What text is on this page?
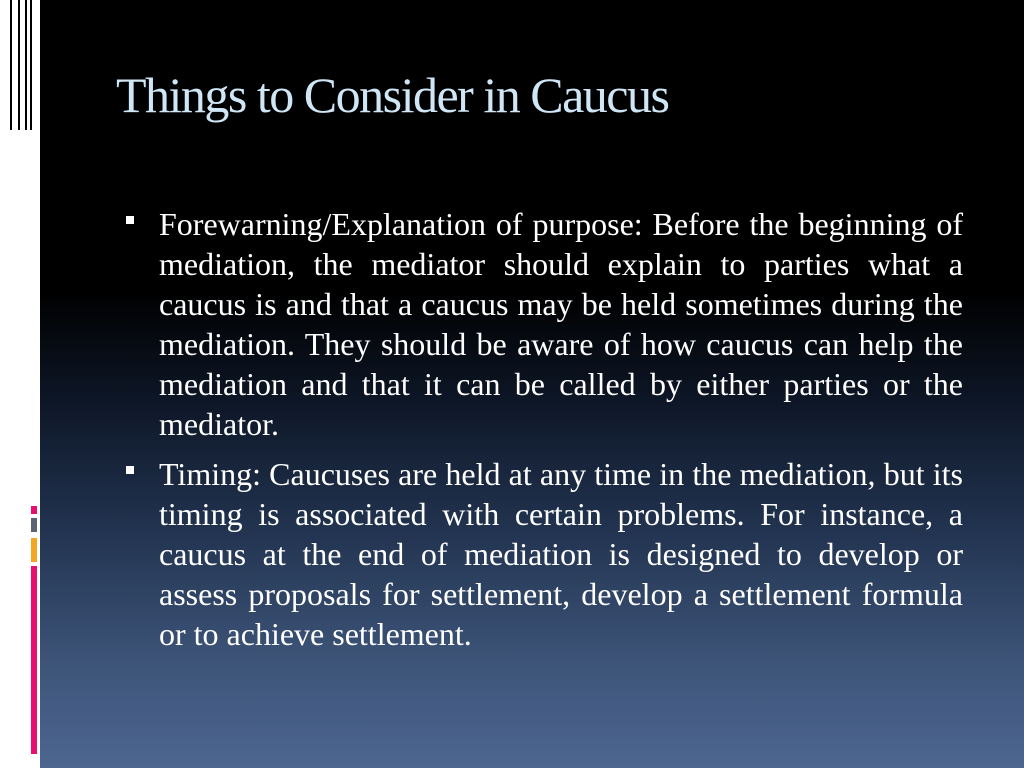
Things to Consider in Caucus

Forewarning/Explanation of purpose: Before the beginning of mediation, the mediator should explain to parties what a caucus is and that a caucus may be held sometimes during the mediation. They should be aware of how caucus can help the mediation and that it can be called by either parties or the mediator.

Timing: Caucuses are held at any time in the mediation, but its timing is associated with certain problems. For instance, a caucus at the end of mediation is designed to develop or assess proposals for settlement, develop a settlement formula or to achieve settlement.
